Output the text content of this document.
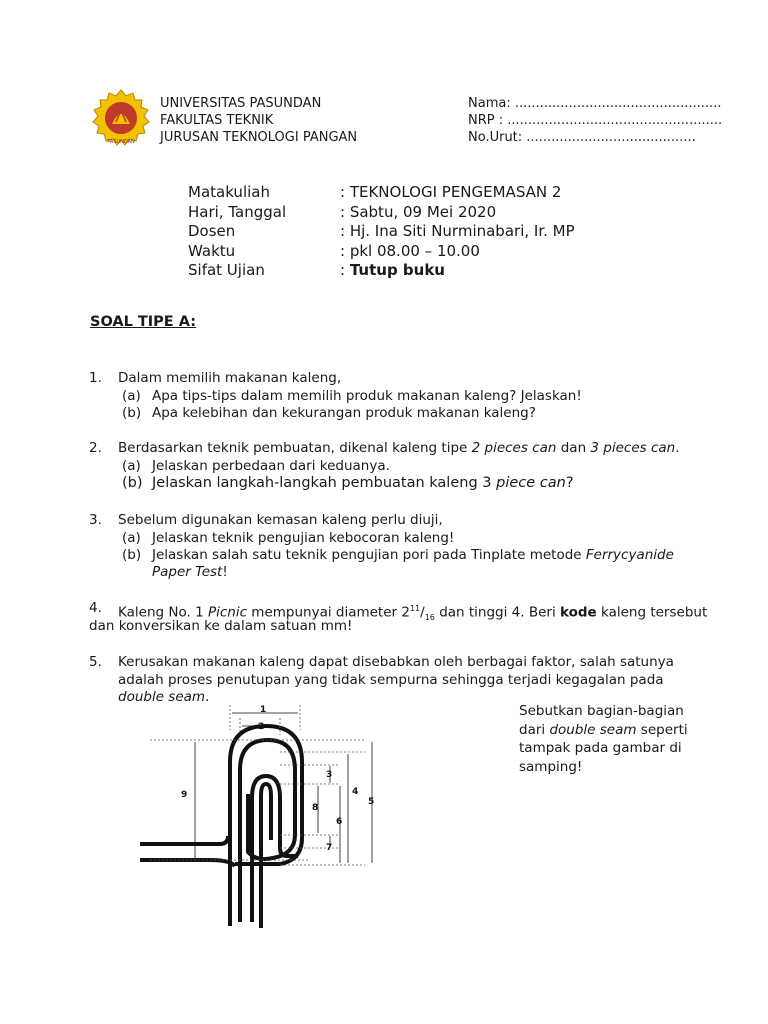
PASUNDAN
UNIVERSITAS PASUNDAN
FAKULTAS TEKNIK
JURUSAN TEKNOLOGI PANGAN
Nama: ..................................................
NRP : ....................................................
No.Urut: .........................................
Matakuliah	: TEKNOLOGI PENGEMASAN 2
Hari, Tanggal	: Sabtu, 09 Mei 2020
Dosen	: Hj. Ina Siti Nurminabari, Ir. MP
Waktu	: pkl 08.00 – 10.00
Sifat Ujian	: Tutup buku
SOAL TIPE A:
1. Dalam memilih makanan kaleng,
(a) Apa tips-tips dalam memilih produk makanan kaleng? Jelaskan!
(b) Apa kelebihan dan kekurangan produk makanan kaleng?
2. Berdasarkan teknik pembuatan, dikenal kaleng tipe 2 pieces can dan 3 pieces can.
(a) Jelaskan perbedaan dari keduanya.
(b) Jelaskan langkah-langkah pembuatan kaleng 3 piece can?
3. Sebelum digunakan kemasan kaleng perlu diuji,
(a) Jelaskan teknik pengujian kebocoran kaleng!
(b) Jelaskan salah satu teknik pengujian pori pada Tinplate metode Ferrycyanide
Paper Test!
4. Kaleng No. 1 Picnic mempunyai diameter $2^{11}/_{16}$ dan tinggi 4. Beri kode kaleng tersebut
dan konversikan ke dalam satuan mm!
5. Kerusakan makanan kaleng dapat disebabkan oleh berbagai faktor, salah satunya
adalah proses penutupan yang tidak sempurna sehingga terjadi kegagalan pada
double seam.
Sebutkan bagian-bagian
dari double seam seperti
tampak pada gambar di
samping!
1
2
3
4
5
6
7
8
9
